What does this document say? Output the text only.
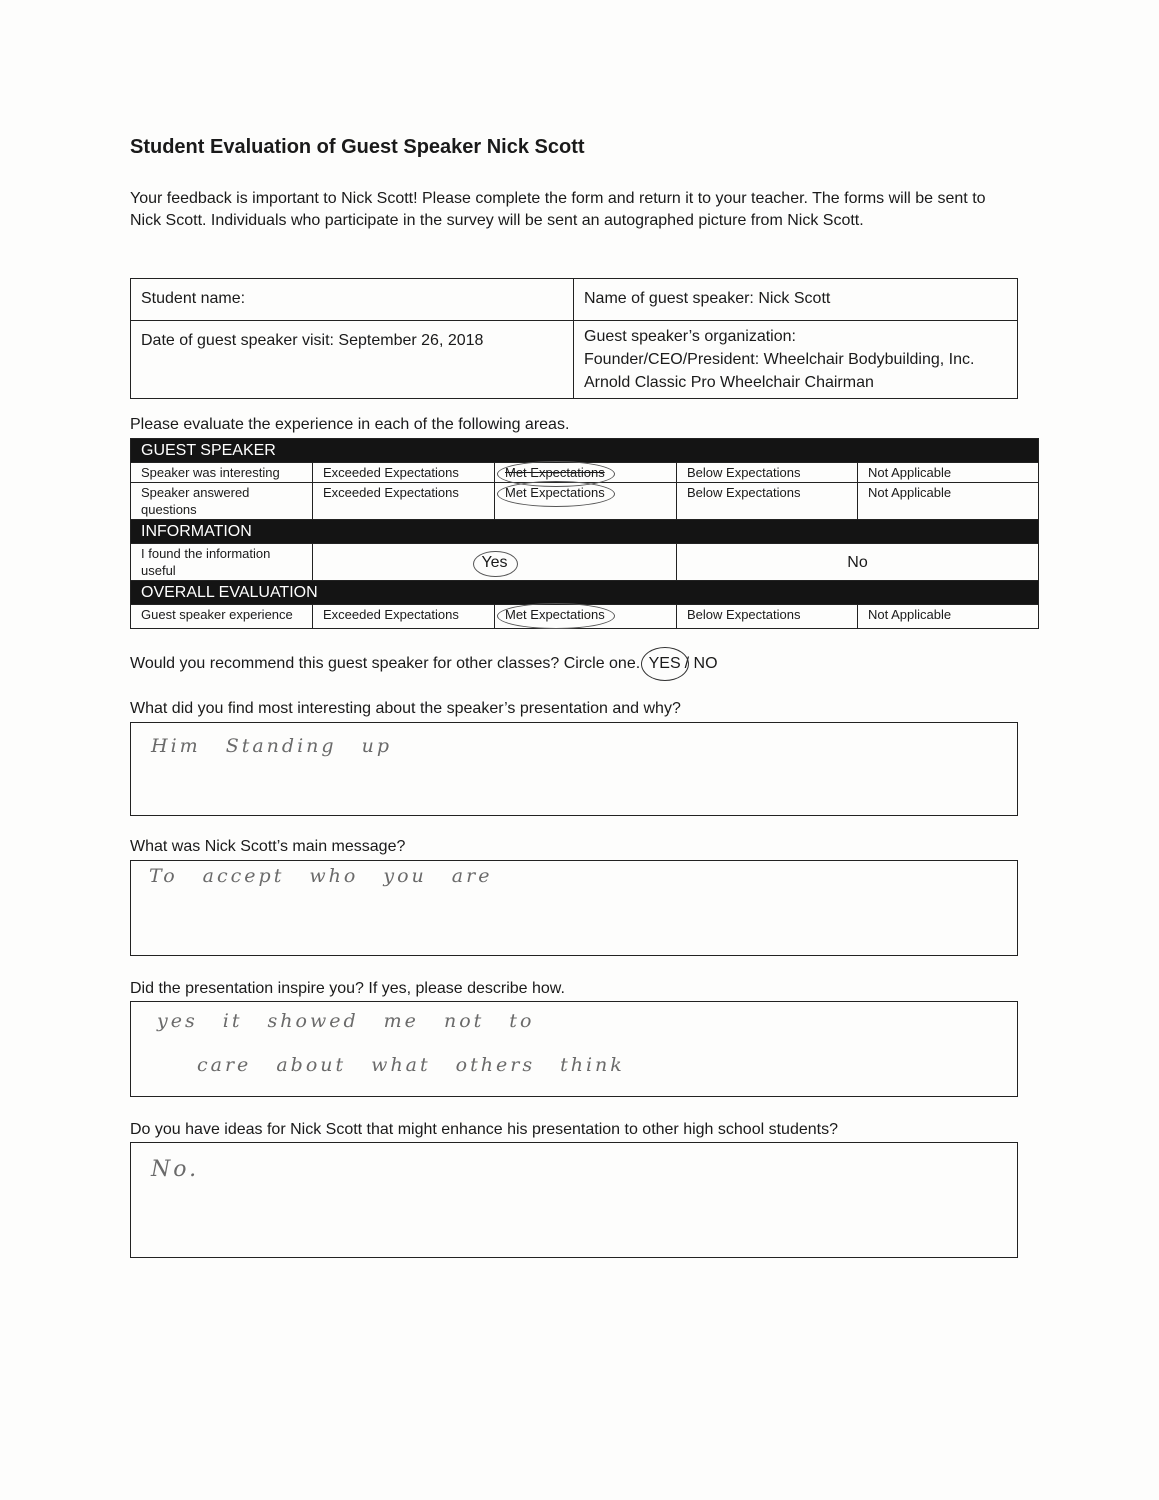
Student Evaluation of Guest Speaker Nick Scott

Your feedback is important to Nick Scott! Please complete the form and return it to your teacher. The forms will be sent to Nick Scott. Individuals who participate in the survey will be sent an autographed picture from Nick Scott.

Student name:	Name of guest speaker: Nick Scott

Date of guest speaker visit: September 26, 2018	Guest speaker’s organization:
Founder/CEO/President: Wheelchair Bodybuilding, Inc.
Arnold Classic Pro Wheelchair Chairman
Please evaluate the experience in each of the following areas.
GUEST SPEAKER				
Speaker was interesting	Exceeded Expectations	Met Expectations	Below Expectations	Not Applicable
Speaker answered questions	Exceeded Expectations	Met Expectations	Below Expectations	Not Applicable
INFORMATION				
I found the information useful	Yes		No	
OVERALL EVALUATION				
Guest speaker experience	Exceeded Expectations	Met Expectations	Below Expectations	Not Applicable
Would you recommend this guest speaker for other classes? Circle one. YES / NO
What did you find most interesting about the speaker’s presentation and why?
Him Standing up
What was Nick Scott’s main message?
To accept who you are
Did the presentation inspire you? If yes, please describe how.
yes it showed me not to
care about what others think
Do you have ideas for Nick Scott that might enhance his presentation to other high school students?
No.
